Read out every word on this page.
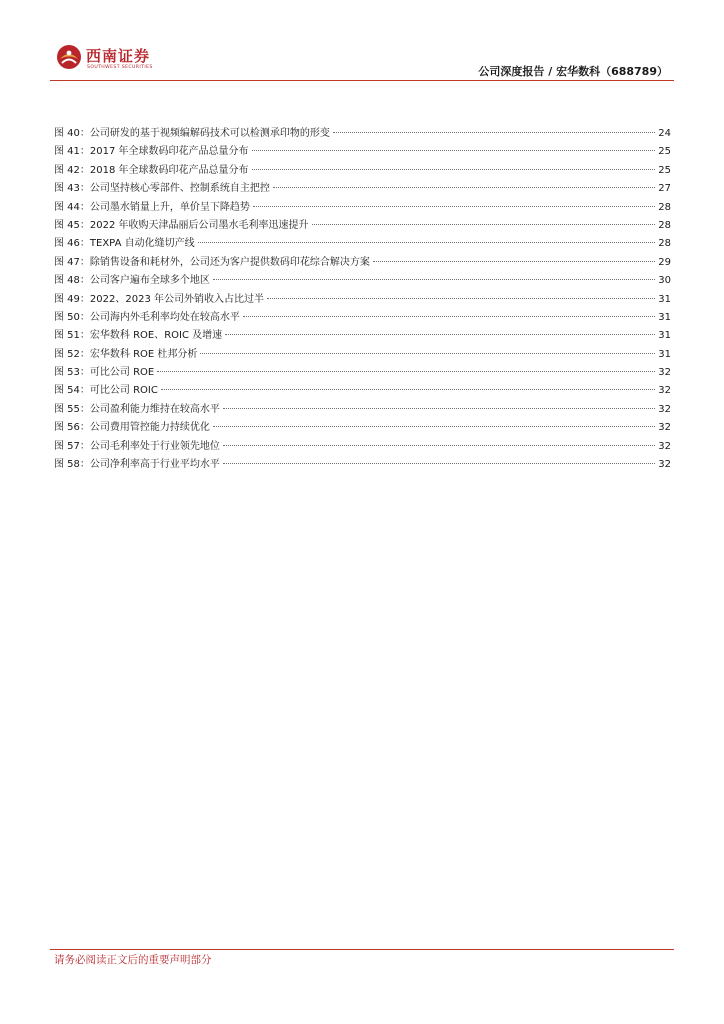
西南证券
SOUTHWEST SECURITIES	公司深度报告 / 宏华数科（688789）
图 40：公司研发的基于视频编解码技术可以检测承印物的形变	24
图 41：2017 年全球数码印花产品总量分布	25
图 42：2018 年全球数码印花产品总量分布	25
图 43：公司坚持核心零部件、控制系统自主把控	27
图 44：公司墨水销量上升，单价呈下降趋势	28
图 45：2022 年收购天津晶丽后公司墨水毛利率迅速提升	28
图 46：TEXPA 自动化缝切产线	28
图 47：除销售设备和耗材外，公司还为客户提供数码印花综合解决方案	29
图 48：公司客户遍布全球多个地区	30
图 49：2022、2023 年公司外销收入占比过半	31
图 50：公司海内外毛利率均处在较高水平	31
图 51：宏华数科 ROE、ROIC 及增速	31
图 52：宏华数科 ROE 杜邦分析	31
图 53：可比公司 ROE	32
图 54：可比公司 ROIC	32
图 55：公司盈利能力维持在较高水平	32
图 56：公司费用管控能力持续优化	32
图 57：公司毛利率处于行业领先地位	32
图 58：公司净利率高于行业平均水平	32
请务必阅读正文后的重要声明部分
